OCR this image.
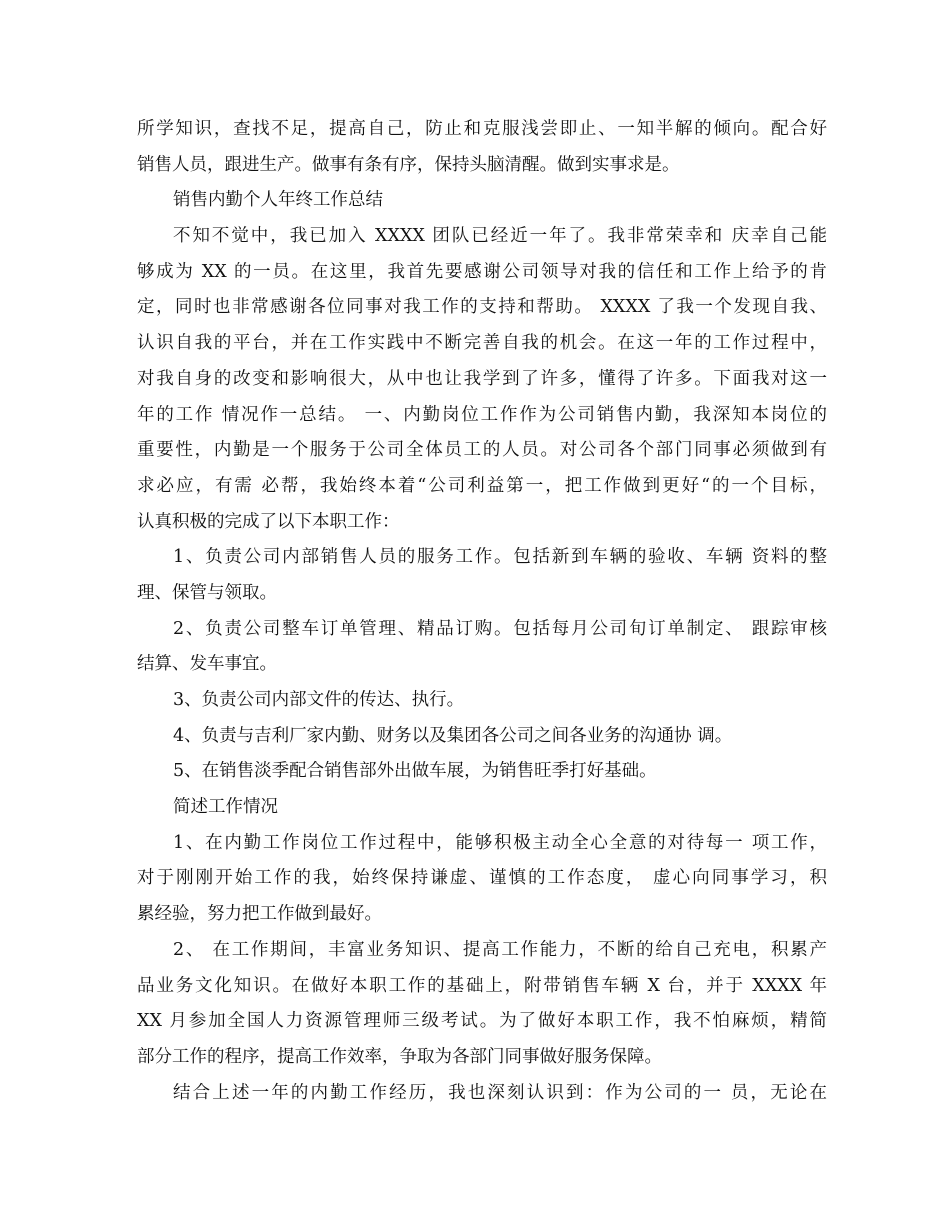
所学知识，查找不足，提高自己，防止和克服浅尝即止、一知半解的倾向。配合好
销售人员，跟进生产。做事有条有序，保持头脑清醒。做到实事求是。
销售内勤个人年终工作总结
不知不觉中，我已加入 XXXX 团队已经近一年了。我非常荣幸和 庆幸自己能
够成为 XX 的一员。在这里，我首先要感谢公司领导对我的信任和工作上给予的肯
定，同时也非常感谢各位同事对我工作的支持和帮助。 XXXX 了我一个发现自我、
认识自我的平台，并在工作实践中不断完善自我的机会。在这一年的工作过程中，
对我自身的改变和影响很大，从中也让我学到了许多，懂得了许多。下面我对这一
年的工作 情况作一总结。 一、内勤岗位工作作为公司销售内勤，我深知本岗位的
重要性，内勤是一个服务于公司全体员工的人员。对公司各个部门同事必须做到有
求必应，有需 必帮，我始终本着“公司利益第一，把工作做到更好“的一个目标，
认真积极的完成了以下本职工作：
1、负责公司内部销售人员的服务工作。包括新到车辆的验收、车辆 资料的整
理、保管与领取。
2、负责公司整车订单管理、精品订购。包括每月公司旬订单制定、 跟踪审核
结算、发车事宜。
3、负责公司内部文件的传达、执行。
4、负责与吉利厂家内勤、财务以及集团各公司之间各业务的沟通协 调。
5、在销售淡季配合销售部外出做车展，为销售旺季打好基础。
简述工作情况
1、在内勤工作岗位工作过程中，能够积极主动全心全意的对待每一 项工作，
对于刚刚开始工作的我，始终保持谦虚、谨慎的工作态度， 虚心向同事学习，积
累经验，努力把工作做到最好。
2、 在工作期间，丰富业务知识、提高工作能力，不断的给自己充电，积累产
品业务文化知识。在做好本职工作的基础上，附带销售车辆 X 台，并于 XXXX 年
XX 月参加全国人力资源管理师三级考试。为了做好本职工作，我不怕麻烦，精简
部分工作的程序，提高工作效率，争取为各部门同事做好服务保障。
结合上述一年的内勤工作经历，我也深刻认识到：作为公司的一 员，无论在
